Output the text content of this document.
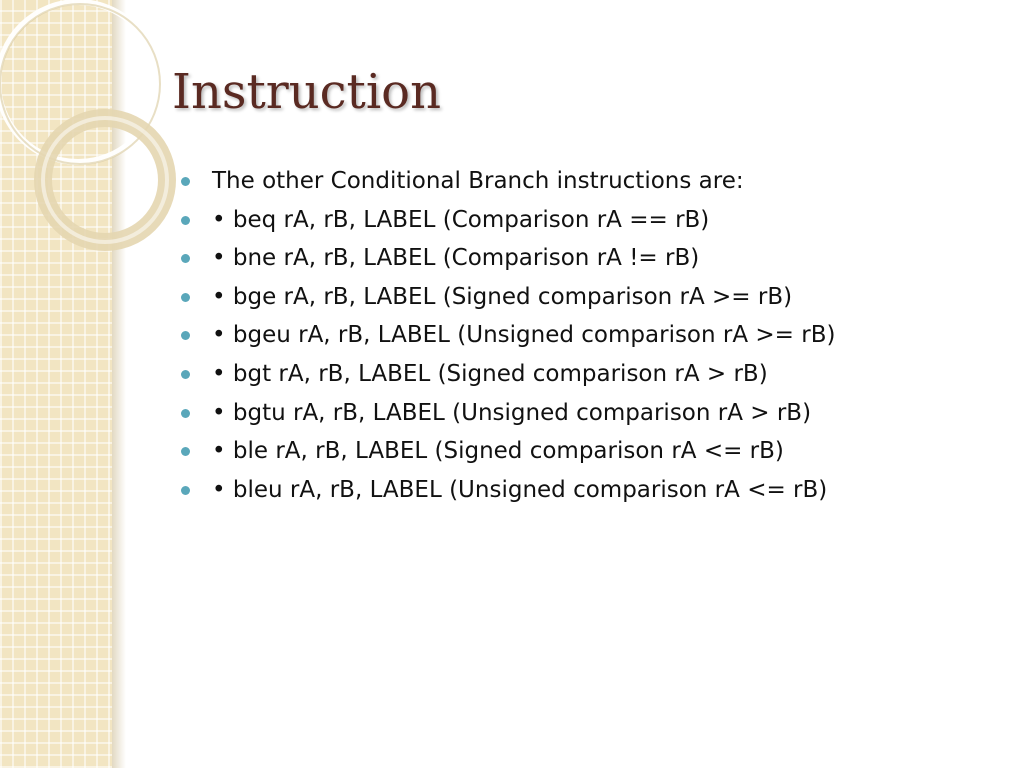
Instruction
The other Conditional Branch instructions are:
• beq rA, rB, LABEL (Comparison rA == rB)
• bne rA, rB, LABEL (Comparison rA != rB)
• bge rA, rB, LABEL (Signed comparison rA >= rB)
• bgeu rA, rB, LABEL (Unsigned comparison rA >= rB)
• bgt rA, rB, LABEL (Signed comparison rA > rB)
• bgtu rA, rB, LABEL (Unsigned comparison rA > rB)
• ble rA, rB, LABEL (Signed comparison rA <= rB)
• bleu rA, rB, LABEL (Unsigned comparison rA <= rB)
